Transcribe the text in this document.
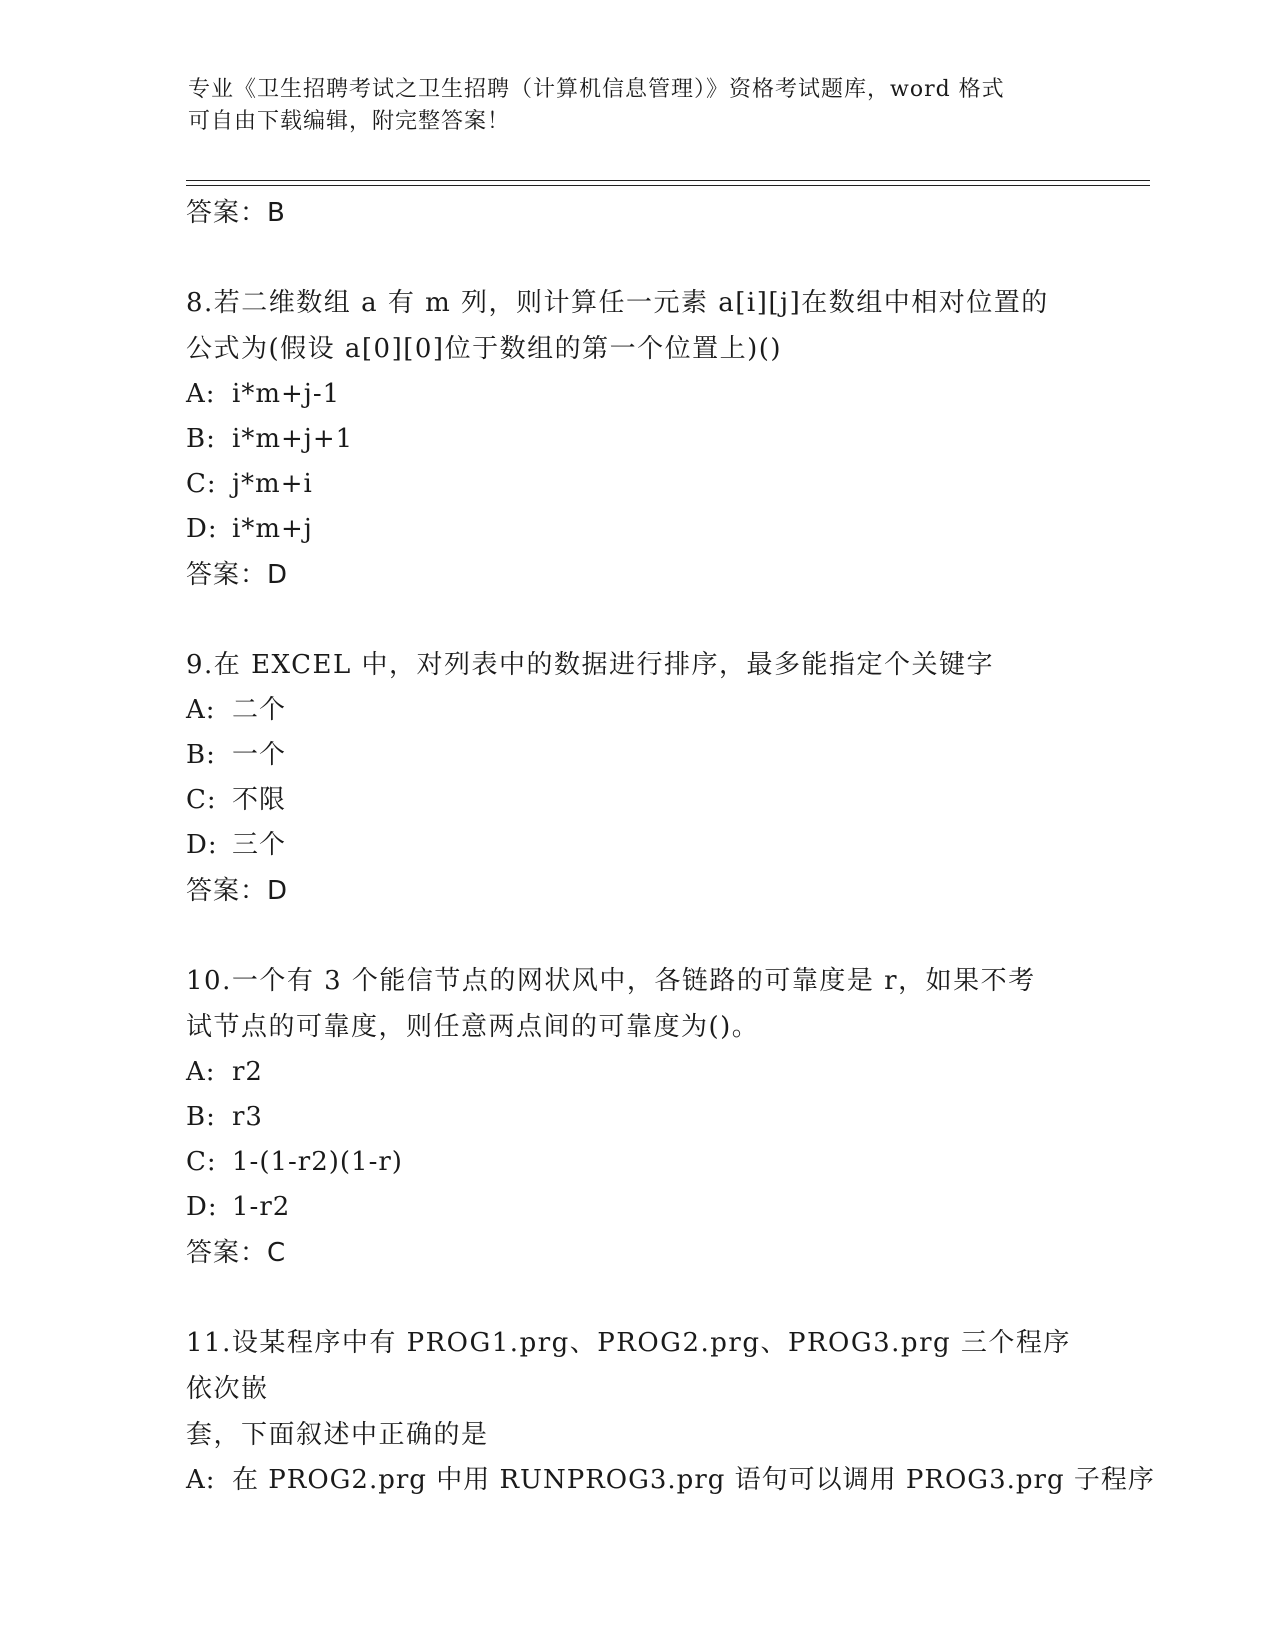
专业《卫生招聘考试之卫生招聘（计算机信息管理）》资格考试题库，word 格式
可自由下载编辑，附完整答案！
答案：B
8.若二维数组 a 有 m 列，则计算任一元素 a[i][j]在数组中相对位置的
公式为(假设 a[0][0]位于数组的第一个位置上)()
A: i*m+j-1
B: i*m+j+1
C: j*m+i
D: i*m+j
答案：D
9.在 EXCEL 中，对列表中的数据进行排序，最多能指定个关键字
A: 二个
B: 一个
C: 不限
D: 三个
答案：D
10.一个有 3 个能信节点的网状风中，各链路的可靠度是 r，如果不考
试节点的可靠度，则任意两点间的可靠度为()。
A: r2
B: r3
C: 1-(1-r2)(1-r)
D: 1-r2
答案：C
11.设某程序中有 PROG1.prg、PROG2.prg、PROG3.prg 三个程序依次嵌
套，下面叙述中正确的是
A: 在 PROG2.prg 中用 RUNPROG3.prg 语句可以调用 PROG3.prg 子程序
